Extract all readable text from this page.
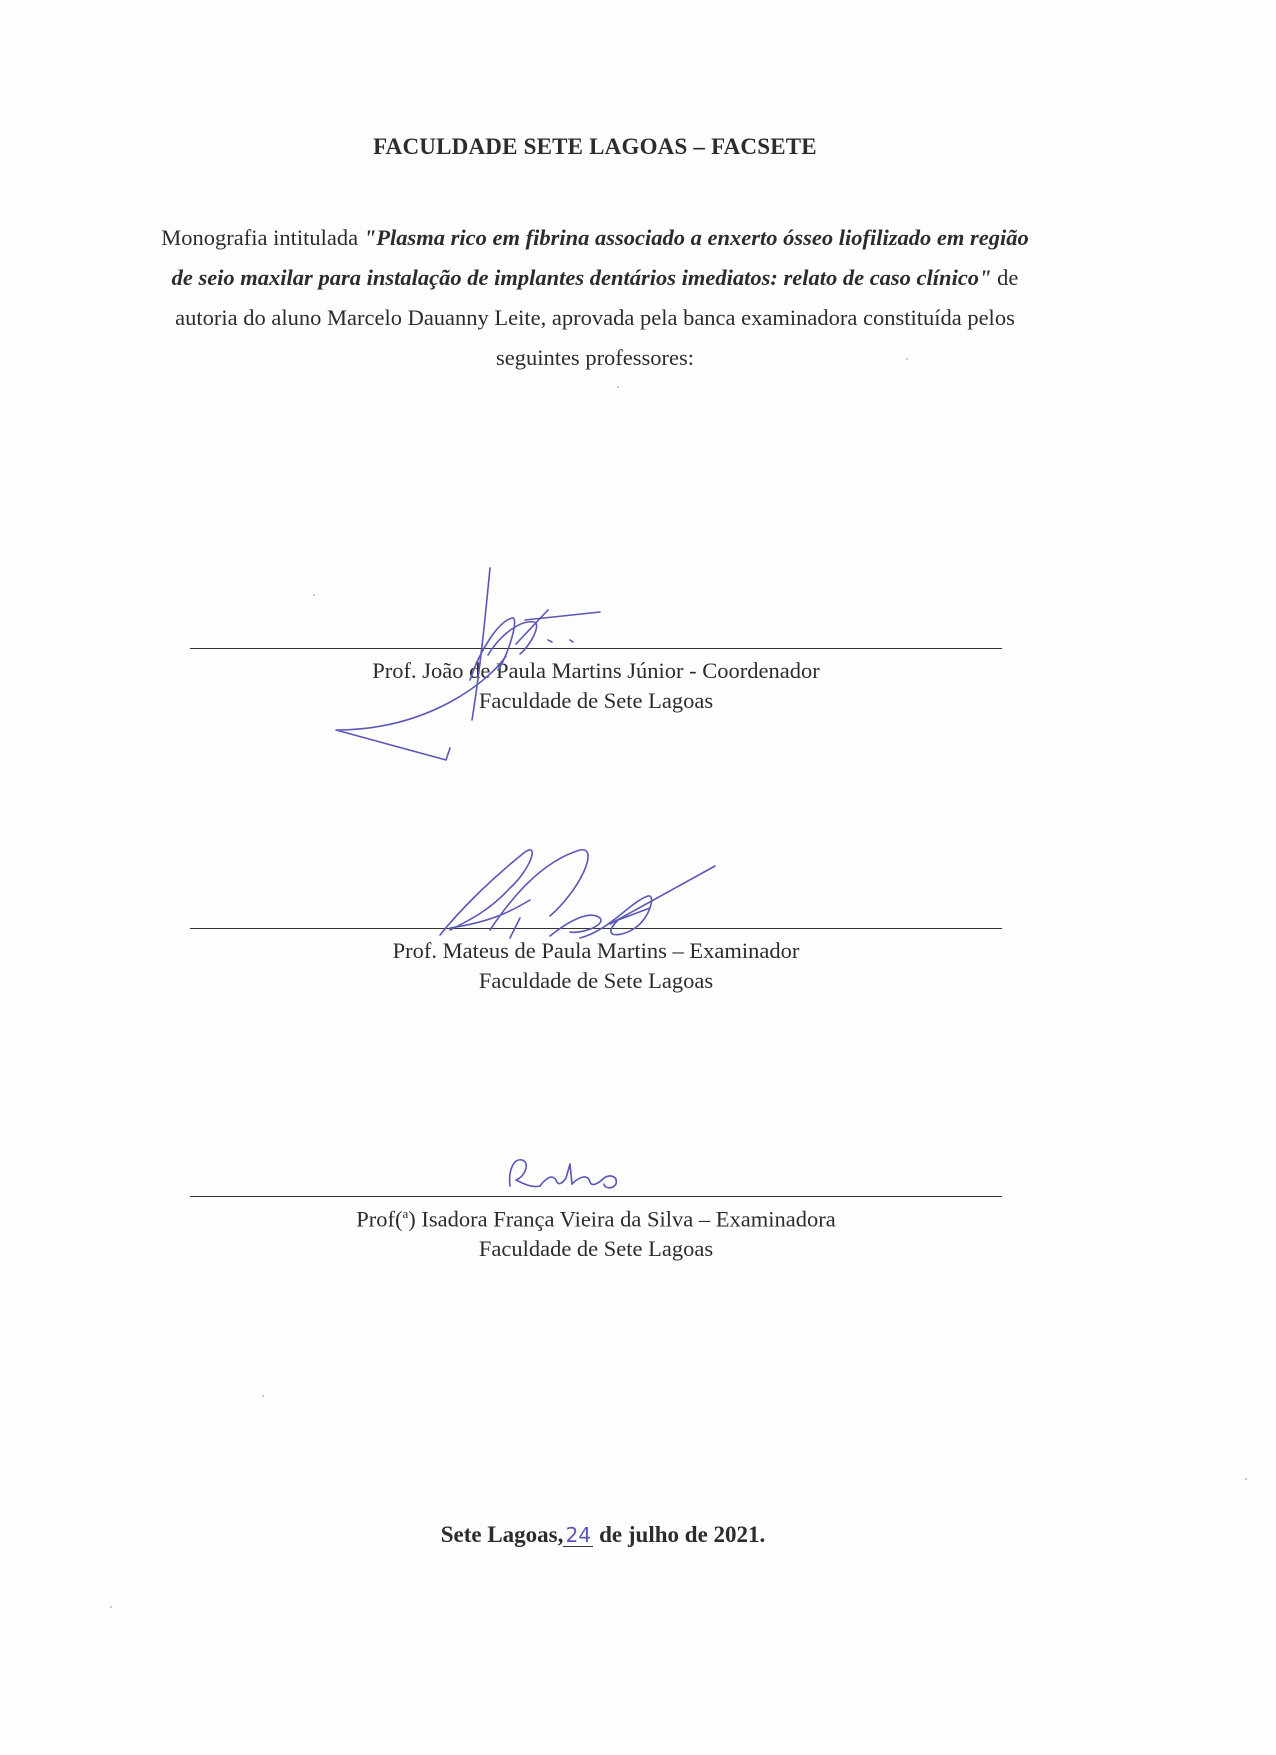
FACULDADE SETE LAGOAS – FACSETE
Monografia intitulada "Plasma rico em fibrina associado a enxerto ósseo liofilizado em região de seio maxilar para instalação de implantes dentários imediatos: relato de caso clínico" de autoria do aluno Marcelo Dauanny Leite, aprovada pela banca examinadora constituída pelos seguintes professores:
Prof. João de Paula Martins Júnior - Coordenador
Faculdade de Sete Lagoas
Prof. Mateus de Paula Martins – Examinador
Faculdade de Sete Lagoas
Prof($^a$) Isadora França Vieira da Silva – Examinadora
Faculdade de Sete Lagoas
Sete Lagoas, 24 de julho de 2021.
